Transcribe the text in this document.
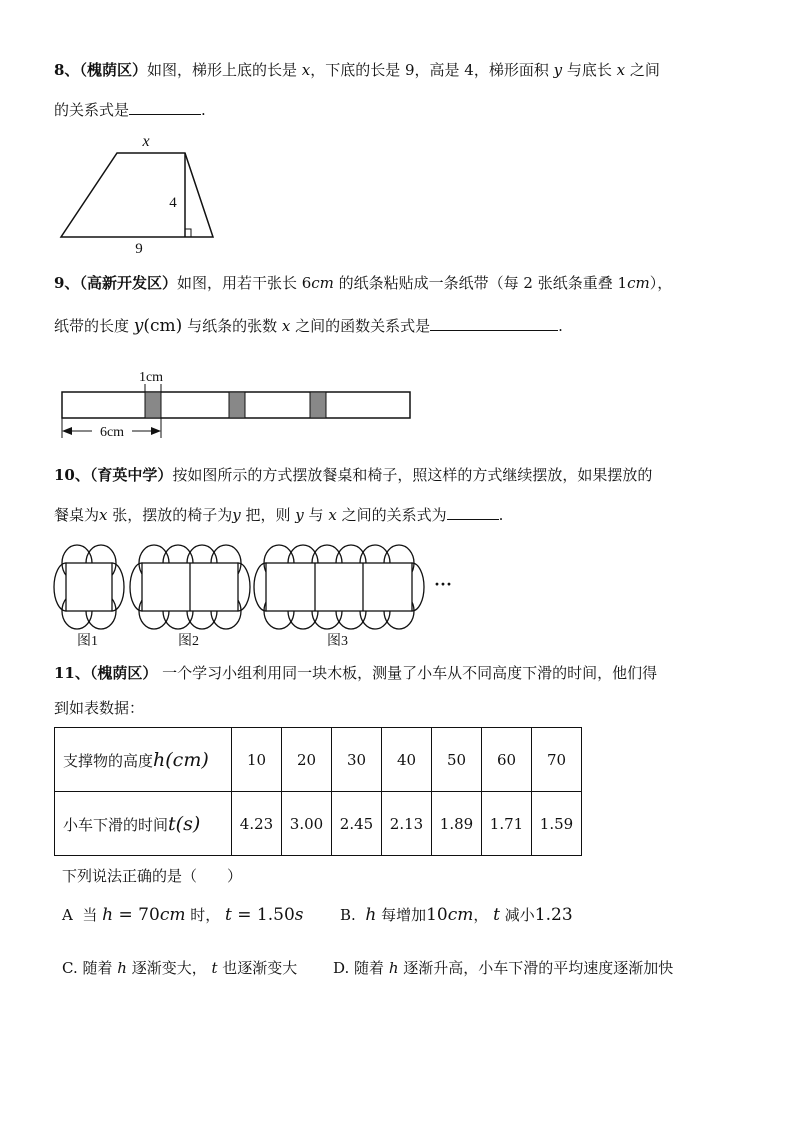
8、（槐荫区）如图，梯形上底的长是 x，下底的长是 9，高是 4，梯形面积 y 与底长 x 之间
的关系式是	.
x
4
9
9、（高新开发区）如图，用若干张长 6cm 的纸条粘贴成一条纸带（每 2 张纸条重叠 1cm），
纸带的长度 y(cm) 与纸条的张数 x 之间的函数关系式是	.
1cm
6cm
10、（育英中学）按如图所示的方式摆放餐桌和椅子，照这样的方式继续摆放，如果摆放的
餐桌为x 张，摆放的椅子为y 把，则 y 与 x 之间的关系式为	.
···
图1	图2	图3
11、（槐荫区） 一个学习小组利用同一块木板，测量了小车从不同高度下滑的时间，他们得
到如表数据：
支撑物的高度h(cm)	10	20	30	40	50	60	70
小车下滑的时间t(s)	4.23	3.00	2.45	2.13	1.89	1.71	1.59
下列说法正确的是（　　）
A 当 h = 70cm 时， t = 1.50s B. h 每增加10cm， t 减小1.23
C. 随着 h 逐渐变大， t 也逐渐变大 D. 随着 h 逐渐升高，小车下滑的平均速度逐渐加快
